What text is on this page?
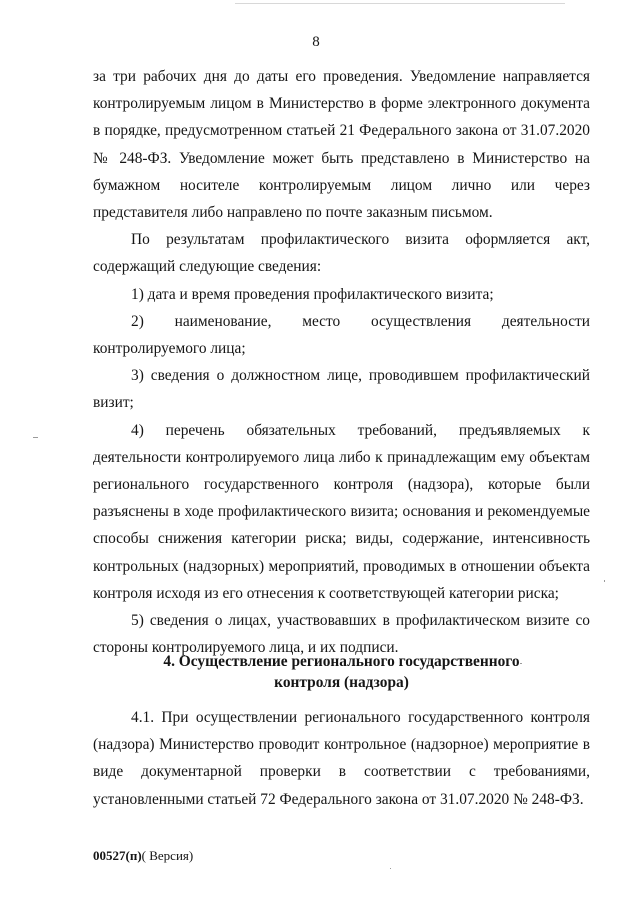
8

за три рабочих дня до даты его проведения. Уведомление направляется контролируемым лицом в Министерство в форме электронного документа в порядке, предусмотренном статьей 21 Федерального закона от 31.07.2020 № 248-ФЗ. Уведомление может быть представлено в Министерство на бумажном носителе контролируемым лицом лично или через представителя либо направлено по почте заказным письмом.

По результатам профилактического визита оформляется акт, содержащий следующие сведения:

1) дата и время проведения профилактического визита;

2) наименование, место осуществления деятельности контролируемого лица;

3) сведения о должностном лице, проводившем профилактический визит;

4) перечень обязательных требований, предъявляемых к деятельности контролируемого лица либо к принадлежащим ему объектам регионального государственного контроля (надзора), которые были разъяснены в ходе профилактического визита; основания и рекомендуемые способы снижения категории риска; виды, содержание, интенсивность контрольных (надзорных) мероприятий, проводимых в отношении объекта контроля исходя из его отнесения к соответствующей категории риска;

5) сведения о лицах, участвовавших в профилактическом визите со стороны контролируемого лица, и их подписи.

4. Осуществление регионального государственного
контроля (надзора)

4.1. При осуществлении регионального государственного контроля (надзора) Министерство проводит контрольное (надзорное) мероприятие в виде документарной проверки в соответствии с требованиями, установленными статьей 72 Федерального закона от 31.07.2020 № 248-ФЗ.

00527(п)( Версия)
